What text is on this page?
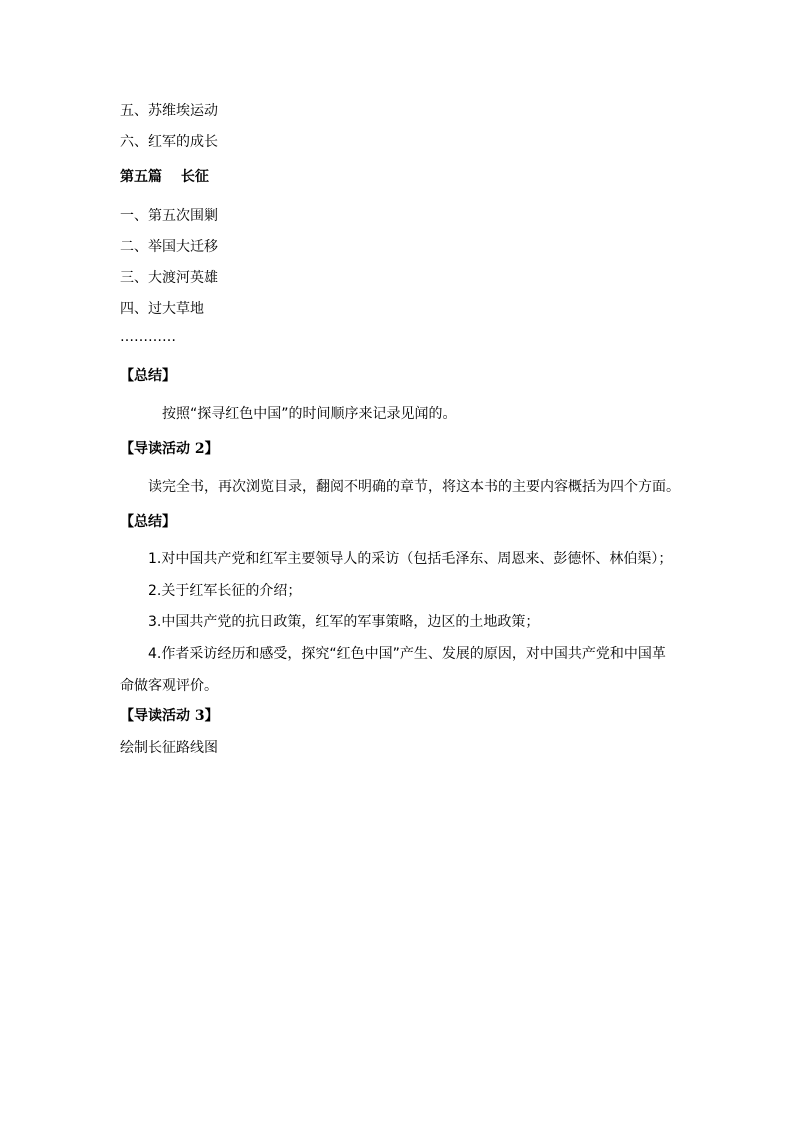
五、苏维埃运动
六、红军的成长
第五篇　 长征
一、第五次围剿
二、举国大迁移
三、大渡河英雄
四、过大草地
…………
【总结】
按照“探寻红色中国”的时间顺序来记录见闻的。
【导读活动 2】
读完全书，再次浏览目录，翻阅不明确的章节，将这本书的主要内容概括为四个方面。
【总结】
1.对中国共产党和红军主要领导人的采访（包括毛泽东、周恩来、彭德怀、林伯渠）；
2.关于红军长征的介绍；
3.中国共产党的抗日政策，红军的军事策略，边区的土地政策；
4.作者采访经历和感受，探究“红色中国”产生、发展的原因，对中国共产党和中国革
命做客观评价。
【导读活动 3】
绘制长征路线图
